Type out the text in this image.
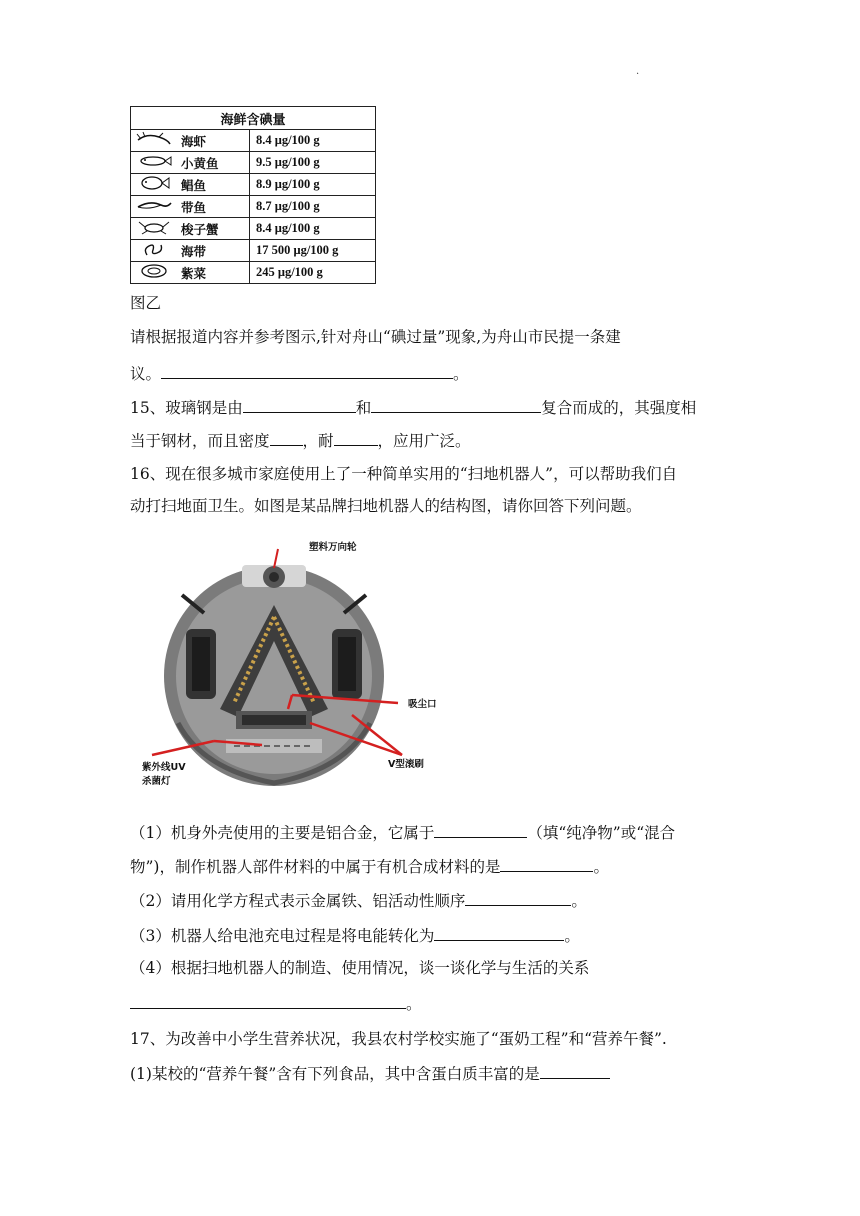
.
海鲜含碘量		
	海虾	8.4 μg/100 g
	小黄鱼	9.5 μg/100 g
	鲳鱼	8.9 μg/100 g
	带鱼	8.7 μg/100 g
	梭子蟹	8.4 μg/100 g
	海带	17 500 μg/100 g
	紫菜	245 μg/100 g
图乙
请根据报道内容并参考图示,针对舟山“碘过量”现象,为舟山市民提一条建
议。	。
15、玻璃钢是由	和	复合而成的，其强度相
当于钢材，而且密度 ，耐	，应用广泛。
16、现在很多城市家庭使用上了一种简单实用的“扫地机器人”，可以帮助我们自
动打扫地面卫生。如图是某品牌扫地机器人的结构图，请你回答下列问题。
塑料万向轮
吸尘口
V型滚刷
紫外线UV
杀菌灯
（1）机身外壳使用的主要是铝合金，它属于	（填“纯净物”或“混合
物”)，制作机器人部件材料的中属于有机合成材料的是	。
（2）请用化学方程式表示金属铁、铝活动性顺序	。
（3）机器人给电池充电过程是将电能转化为	。
（4）根据扫地机器人的制造、使用情况，谈一谈化学与生活的关系
。
17、为改善中小学生营养状况，我县农村学校实施了“蛋奶工程”和“营养午餐”.
(1)某校的“营养午餐”含有下列食品，其中含蛋白质丰富的是
